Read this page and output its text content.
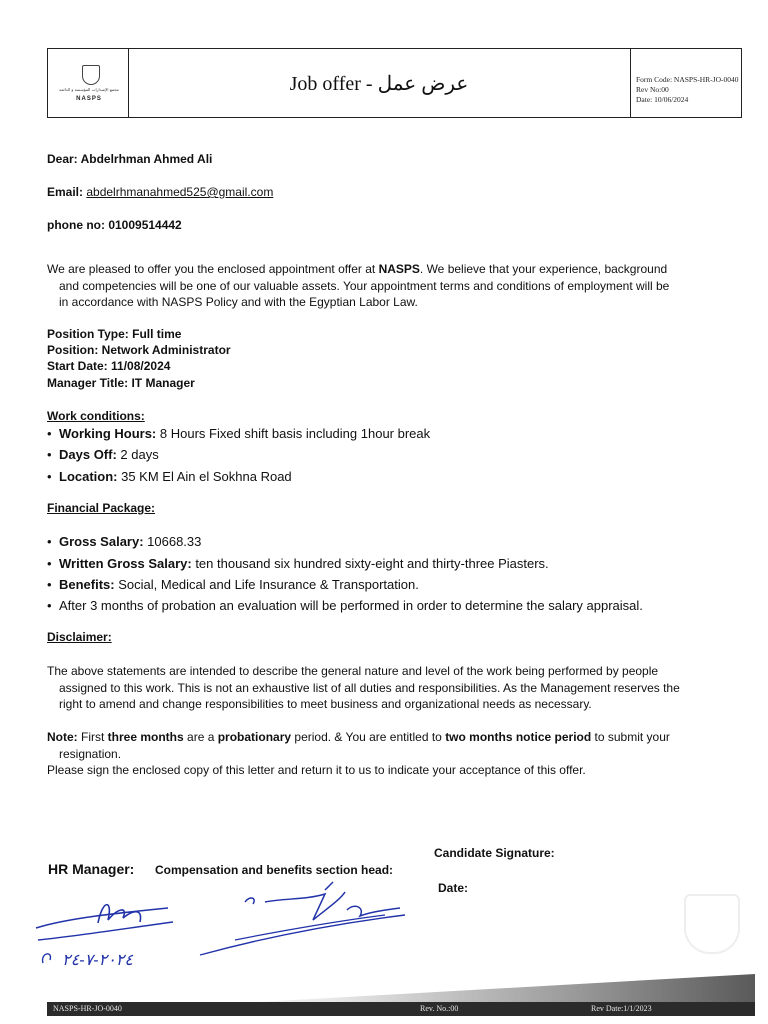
مجمع الإصدارات المؤسسة و الدائمة
NASPS
Job offer - عرض عمل	Form Code: NASPS-HR-JO-0040
Rev No:00
Date: 10/06/2024
Dear: Abdelrhman Ahmed Ali
Email: abdelrhmanahmed525@gmail.com
phone no: 01009514442
We are pleased to offer you the enclosed appointment offer at NASPS. We believe that your experience, background
and competencies will be one of our valuable assets. Your appointment terms and conditions of employment will be
in accordance with NASPS Policy and with the Egyptian Labor Law.
Position Type: Full time
Position: Network Administrator
Start Date: 11/08/2024
Manager Title: IT Manager
Work conditions:
• Working Hours: 8 Hours Fixed shift basis including 1hour break
• Days Off: 2 days
• Location: 35 KM El Ain el Sokhna Road
Financial Package:
• Gross Salary: 10668.33
• Written Gross Salary: ten thousand six hundred sixty-eight and thirty-three Piasters.
• Benefits: Social, Medical and Life Insurance & Transportation.
• After 3 months of probation an evaluation will be performed in order to determine the salary appraisal.
Disclaimer:
The above statements are intended to describe the general nature and level of the work being performed by people
assigned to this work. This is not an exhaustive list of all duties and responsibilities. As the Management reserves the
right to amend and change responsibilities to meet business and organizational needs as necessary.
Note: First three months are a probationary period. & You are entitled to two months notice period to submit your
resignation.
Please sign the enclosed copy of this letter and return it to us to indicate your acceptance of this offer.
Candidate Signature:
HR Manager: Compensation and benefits section head:
Date:
٢٠٢٤-٧-٢٤
NASPS-HR-JO-0040	Rev. No.:00	Rev Date:1/1/2023
